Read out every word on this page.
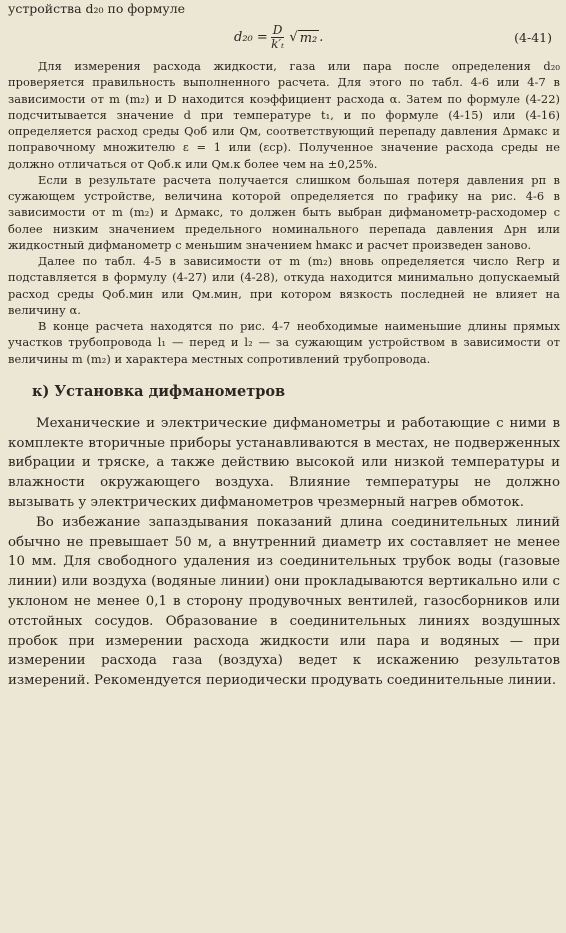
устройства d₂₀ по формуле
$d_{20} = \frac{D}{\text{k′ₜ}}$ √ m₂ .	(4-41)

Для измерения расхода жидкости, газа или пара после определения d₂₀ проверяется правильность выполненного расчета. Для этого по табл. 4-6 или 4-7 в зависимости от m (m₂) и D находится коэффициент расхода α. Затем по формуле (4-22) подсчитывается значение d при температуре t₁, и по формуле (4-15) или (4-16) определяется расход среды Qоб или Qм, соответствующий перепаду давления Δpмакс и поправочному множителю ε = 1 или (εср). Полученное значение расхода среды не должно отличаться от Qоб.к или Qм.к более чем на ±0,25%.

Если в результате расчета получается слишком большая потеря давления pп в сужающем устройстве, величина которой определяется по графику на рис. 4-6 в зависимости от m (m₂) и Δpмакс, то должен быть выбран дифманометр-расходомер с более низким значением предельного номинального перепада давления Δpн или жидкостный дифманометр с меньшим значением hмакс и расчет произведен заново.

Далее по табл. 4-5 в зависимости от m (m₂) вновь определяется число Reгр и подставляется в формулу (4-27) или (4-28), откуда находится минимально допускаемый расход среды Qоб.мин или Qм.мин, при котором вязкость последней не влияет на величину α.

В конце расчета находятся по рис. 4-7 необходимые наименьшие длины прямых участков трубопровода l₁ — перед и l₂ — за сужающим устройством в зависимости от величины m (m₂) и характера местных сопротивлений трубопровода.

к) Установка дифманометров

Механические и электрические дифманометры и работающие с ними в комплекте вторичные приборы устанавливаются в местах, не подверженных вибрации и тряске, а также действию высокой или низкой температуры и влажности окружающего воздуха. Влияние температуры не должно вызывать у электрических дифманометров чрезмерный нагрев обмоток.

Во избежание запаздывания показаний длина соединительных линий обычно не превышает 50 м, а внутренний диаметр их составляет не менее 10 мм. Для свободного удаления из соединительных трубок воды (газовые линии) или воздуха (водяные линии) они прокладываются вертикально или с уклоном не менее 0,1 в сторону продувочных вентилей, газосборников или отстойных сосудов. Образование в соединительных линиях воздушных пробок при измерении расхода жидкости или пара и водяных — при измерении расхода газа (воздуха) ведет к искажению результатов измерений. Рекомендуется периодически продувать соединительные линии.
